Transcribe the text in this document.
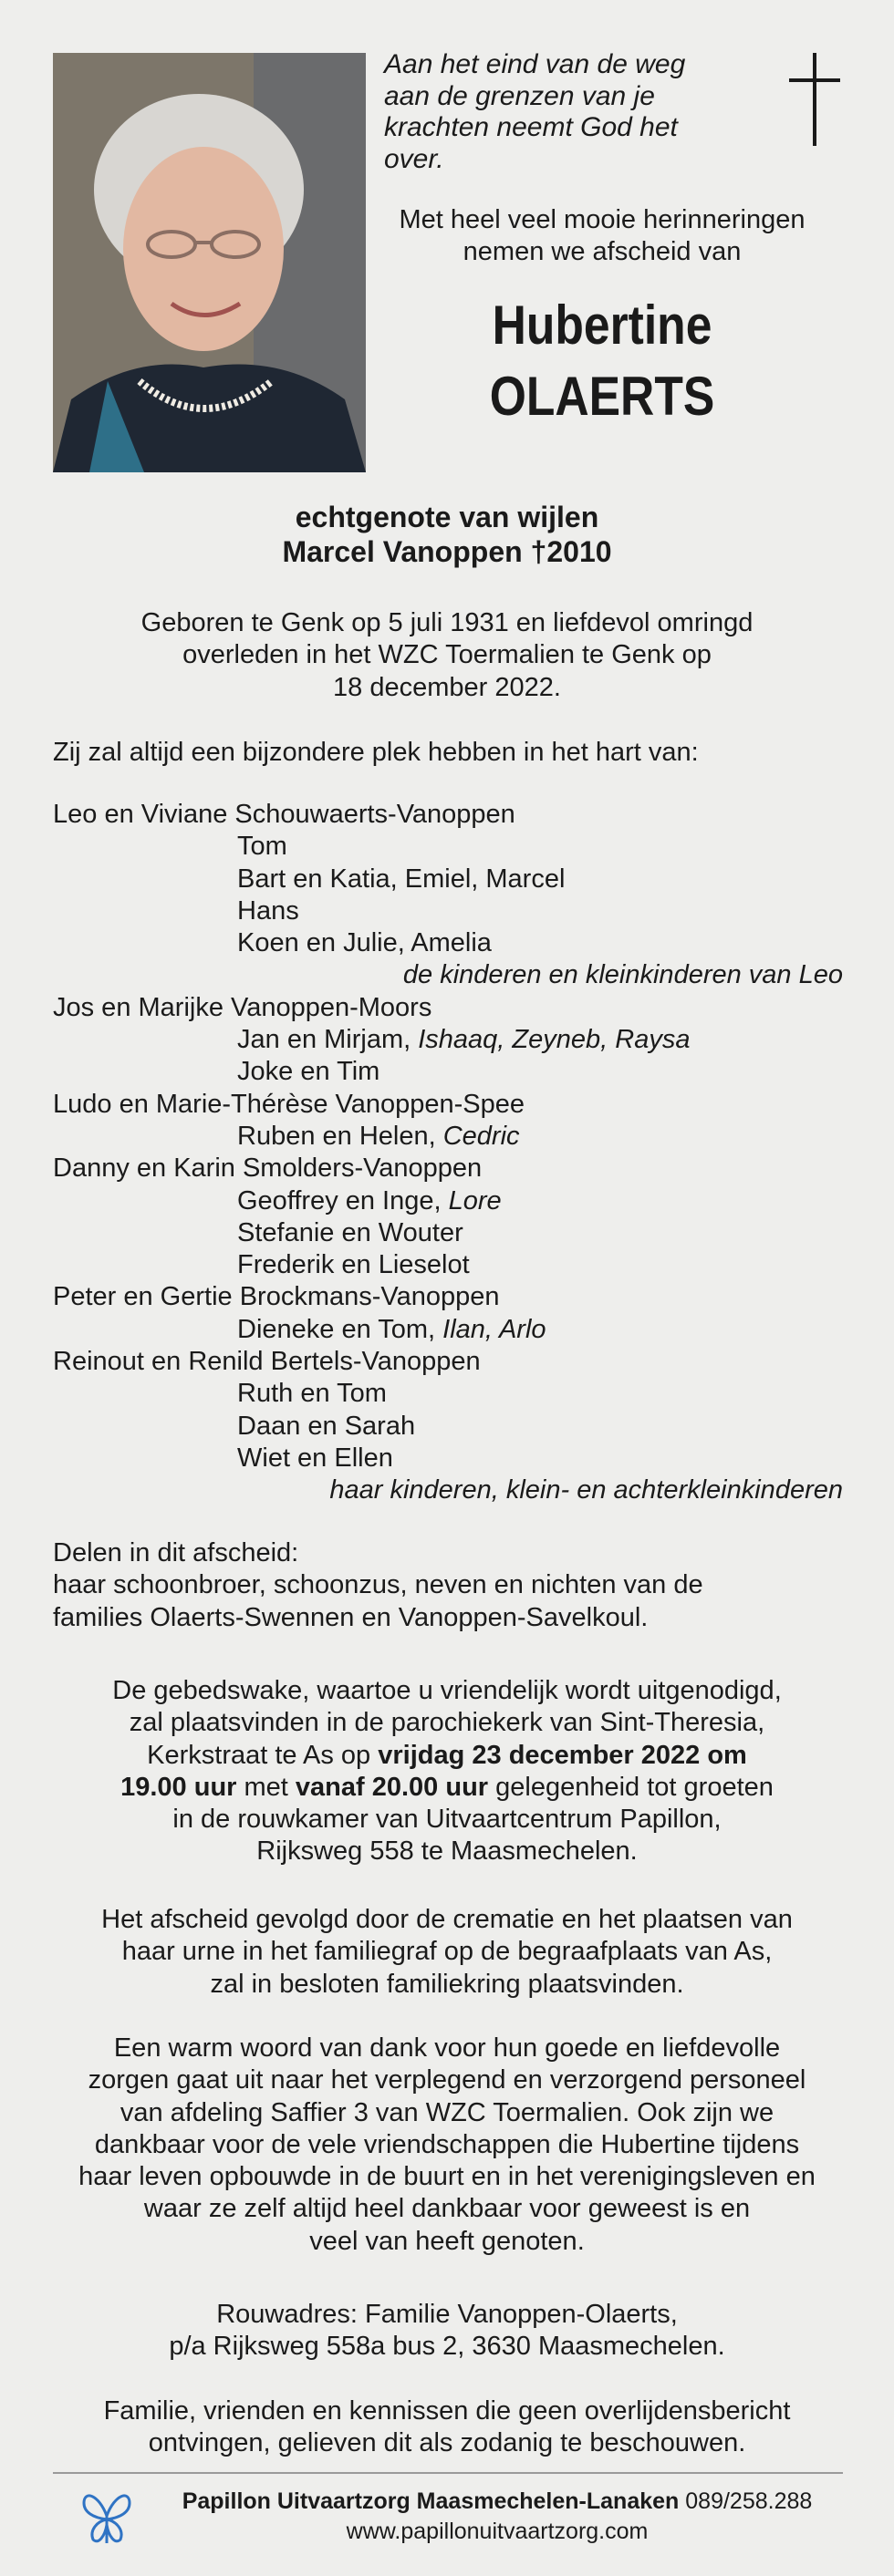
Aan het eind van de weg
aan de grenzen van je
krachten neemt God het
over.
Met heel veel mooie herinneringen
nemen we afscheid van
Hubertine
OLAERTS
echtgenote van wijlen
Marcel Vanoppen †2010
Geboren te Genk op 5 juli 1931 en liefdevol omringd
overleden in het WZC Toermalien te Genk op
18 december 2022.
Zij zal altijd een bijzondere plek hebben in het hart van:
Leo en Viviane Schouwaerts-Vanoppen
Tom
Bart en Katia, Emiel, Marcel
Hans
Koen en Julie, Amelia
de kinderen en kleinkinderen van Leo
Jos en Marijke Vanoppen-Moors
Jan en Mirjam, Ishaaq, Zeyneb, Raysa
Joke en Tim
Ludo en Marie-Thérèse Vanoppen-Spee
Ruben en Helen, Cedric
Danny en Karin Smolders-Vanoppen
Geoffrey en Inge, Lore
Stefanie en Wouter
Frederik en Lieselot
Peter en Gertie Brockmans-Vanoppen
Dieneke en Tom, Ilan, Arlo
Reinout en Renild Bertels-Vanoppen
Ruth en Tom
Daan en Sarah
Wiet en Ellen
haar kinderen, klein- en achterkleinkinderen
Delen in dit afscheid:
haar schoonbroer, schoonzus, neven en nichten van de
families Olaerts-Swennen en Vanoppen-Savelkoul.
De gebedswake, waartoe u vriendelijk wordt uitgenodigd,
zal plaatsvinden in de parochiekerk van Sint-Theresia,
Kerkstraat te As op vrijdag 23 december 2022 om
19.00 uur met vanaf 20.00 uur gelegenheid tot groeten
in de rouwkamer van Uitvaartcentrum Papillon,
Rijksweg 558 te Maasmechelen.
Het afscheid gevolgd door de crematie en het plaatsen van
haar urne in het familiegraf op de begraafplaats van As,
zal in besloten familiekring plaatsvinden.
Een warm woord van dank voor hun goede en liefdevolle
zorgen gaat uit naar het verplegend en verzorgend personeel
van afdeling Saffier 3 van WZC Toermalien. Ook zijn we
dankbaar voor de vele vriendschappen die Hubertine tijdens
haar leven opbouwde in de buurt en in het verenigingsleven en
waar ze zelf altijd heel dankbaar voor geweest is en
veel van heeft genoten.
Rouwadres: Familie Vanoppen-Olaerts,
p/a Rijksweg 558a bus 2, 3630 Maasmechelen.
Familie, vrienden en kennissen die geen overlijdensbericht
ontvingen, gelieven dit als zodanig te beschouwen.
Papillon Uitvaartzorg Maasmechelen-Lanaken 089/258.288
www.papillonuitvaartzorg.com
